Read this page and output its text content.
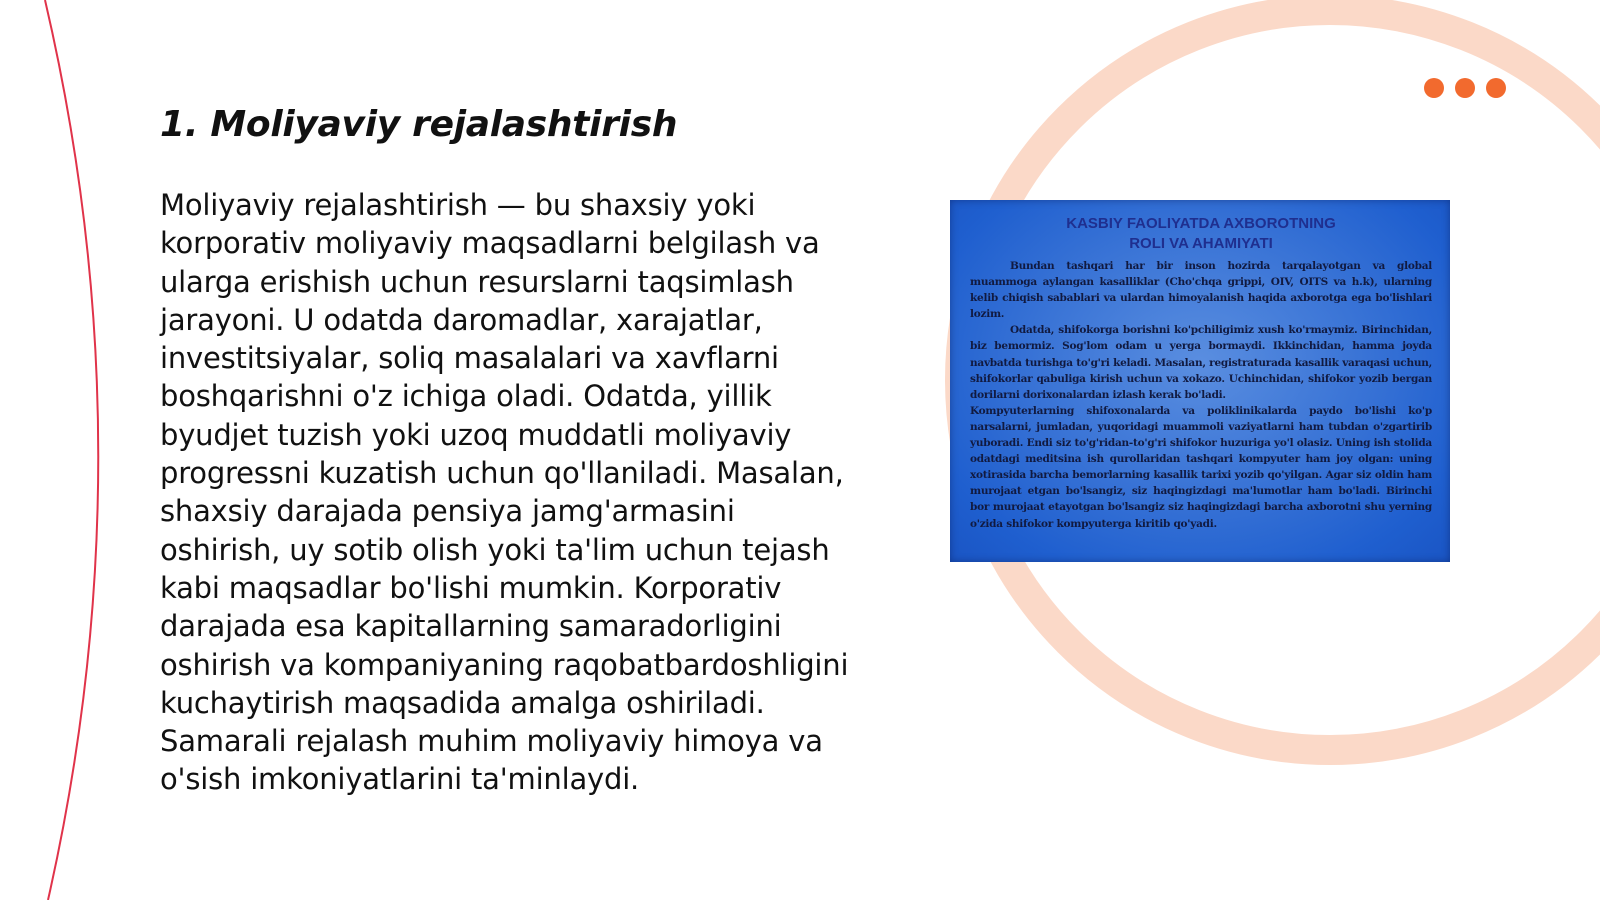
1. Moliyaviy rejalashtirish

Moliyaviy rejalashtirish — bu shaxsiy yoki korporativ moliyaviy maqsadlarni belgilash va ularga erishish uchun resurslarni taqsimlash jarayoni. U odatda daromadlar, xarajatlar, investitsiyalar, soliq masalalari va xavflarni boshqarishni o'z ichiga oladi. Odatda, yillik byudjet tuzish yoki uzoq muddatli moliyaviy progressni kuzatish uchun qo'llaniladi. Masalan, shaxsiy darajada pensiya jamg'armasini oshirish, uy sotib olish yoki ta'lim uchun tejash kabi maqsadlar bo'lishi mumkin. Korporativ darajada esa kapitallarning samaradorligini oshirish va kompaniyaning raqobatbardoshligini kuchaytirish maqsadida amalga oshiriladi. Samarali rejalash muhim moliyaviy himoya va o'sish imkoniyatlarini ta'minlaydi.

KASBIY FAOLIYATDA AXBOROTNING
ROLI VA AHAMIYATI

Bundan tashqari har bir inson hozirda tarqalayotgan va global muammoga aylangan kasalliklar (Cho'chqa grippi, OIV, OITS va h.k), ularning kelib chiqish sabablari va ulardan himoyalanish haqida axborotga ega bo'lishlari lozim.

Odatda, shifokorga borishni ko'pchiligimiz xush ko'rmaymiz. Birinchidan, biz bemormiz. Sog'lom odam u yerga bormaydi. Ikkinchidan, hamma joyda navbatda turishga to'g'ri keladi. Masalan, registraturada kasallik varaqasi uchun, shifokorlar qabuliga kirish uchun va xokazo. Uchinchidan, shifokor yozib bergan dorilarni dorixonalardan izlash kerak bo'ladi.

Kompyuterlarning shifoxonalarda va poliklinikalarda paydo bo'lishi ko'p narsalarni, jumladan, yuqoridagi muammoli vaziyatlarni ham tubdan o'zgartirib yuboradi. Endi siz to'g'ridan-to'g'ri shifokor huzuriga yo'l olasiz. Uning ish stolida odatdagi meditsina ish qurollaridan tashqari kompyuter ham joy olgan: uning xotirasida barcha bemorlarning kasallik tarixi yozib qo'yilgan. Agar siz oldin ham murojaat etgan bo'lsangiz, siz haqingizdagi ma'lumotlar ham bo'ladi. Birinchi bor murojaat etayotgan bo'lsangiz siz haqingizdagi barcha axborotni shu yerning o'zida shifokor kompyuterga kiritib qo'yadi.
